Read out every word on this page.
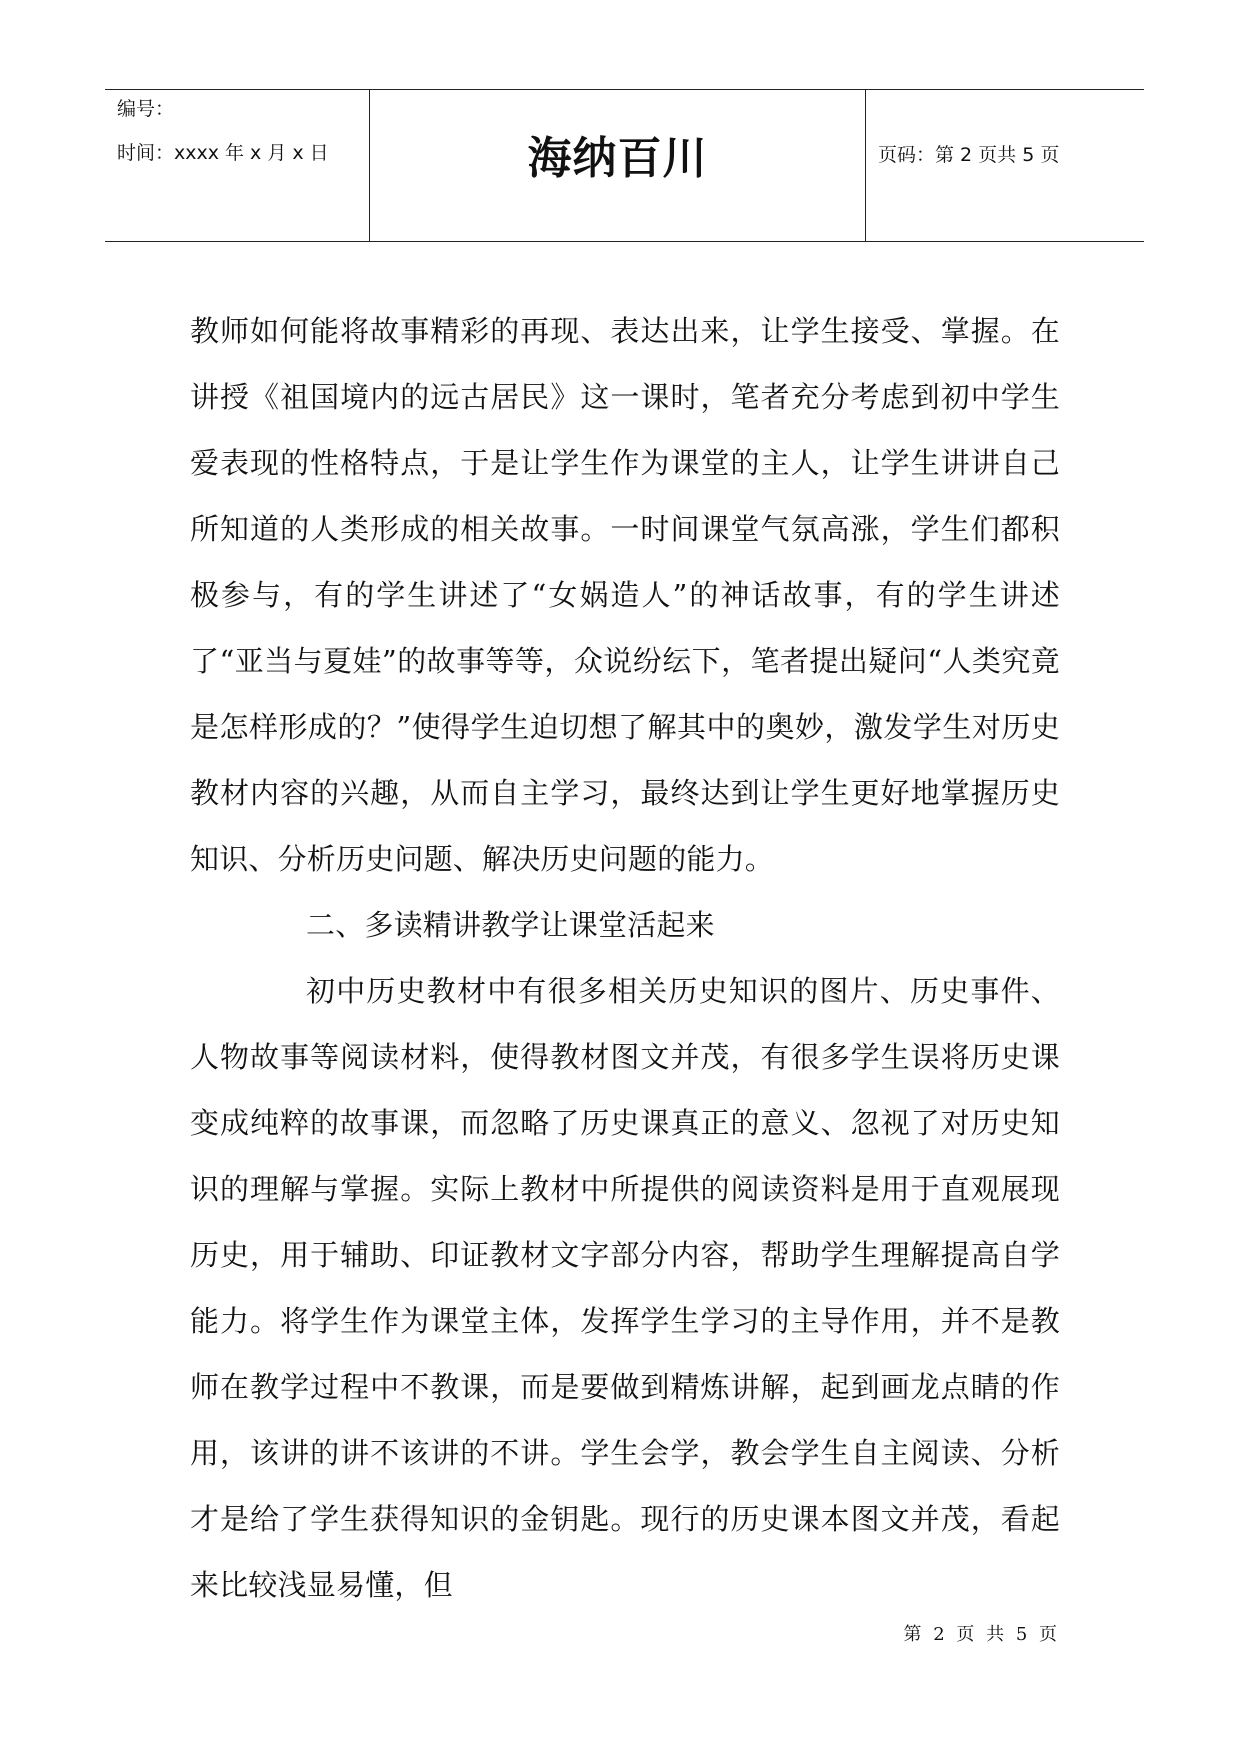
编号：
时间：xxxx 年 x 月 x 日	海纳百川	页码：第 2 页共 5 页

教师如何能将故事精彩的再现、表达出来，让学生接受、掌握。在讲授《祖国境内的远古居民》这一课时，笔者充分考虑到初中学生爱表现的性格特点，于是让学生作为课堂的主人，让学生讲讲自己所知道的人类形成的相关故事。一时间课堂气氛高涨，学生们都积极参与，有的学生讲述了“女娲造人”的神话故事，有的学生讲述了“亚当与夏娃”的故事等等，众说纷纭下，笔者提出疑问“人类究竟是怎样形成的？”使得学生迫切想了解其中的奥妙，激发学生对历史教材内容的兴趣，从而自主学习，最终达到让学生更好地掌握历史知识、分析历史问题、解决历史问题的能力。

二、多读精讲教学让课堂活起来

初中历史教材中有很多相关历史知识的图片、历史事件、人物故事等阅读材料，使得教材图文并茂，有很多学生误将历史课变成纯粹的故事课，而忽略了历史课真正的意义、忽视了对历史知识的理解与掌握。实际上教材中所提供的阅读资料是用于直观展现历史，用于辅助、印证教材文字部分内容，帮助学生理解提高自学能力。将学生作为课堂主体，发挥学生学习的主导作用，并不是教师在教学过程中不教课，而是要做到精炼讲解，起到画龙点睛的作用，该讲的讲不该讲的不讲。学生会学，教会学生自主阅读、分析才是给了学生获得知识的金钥匙。现行的历史课本图文并茂，看起来比较浅显易懂，但

第 2 页 共 5 页
